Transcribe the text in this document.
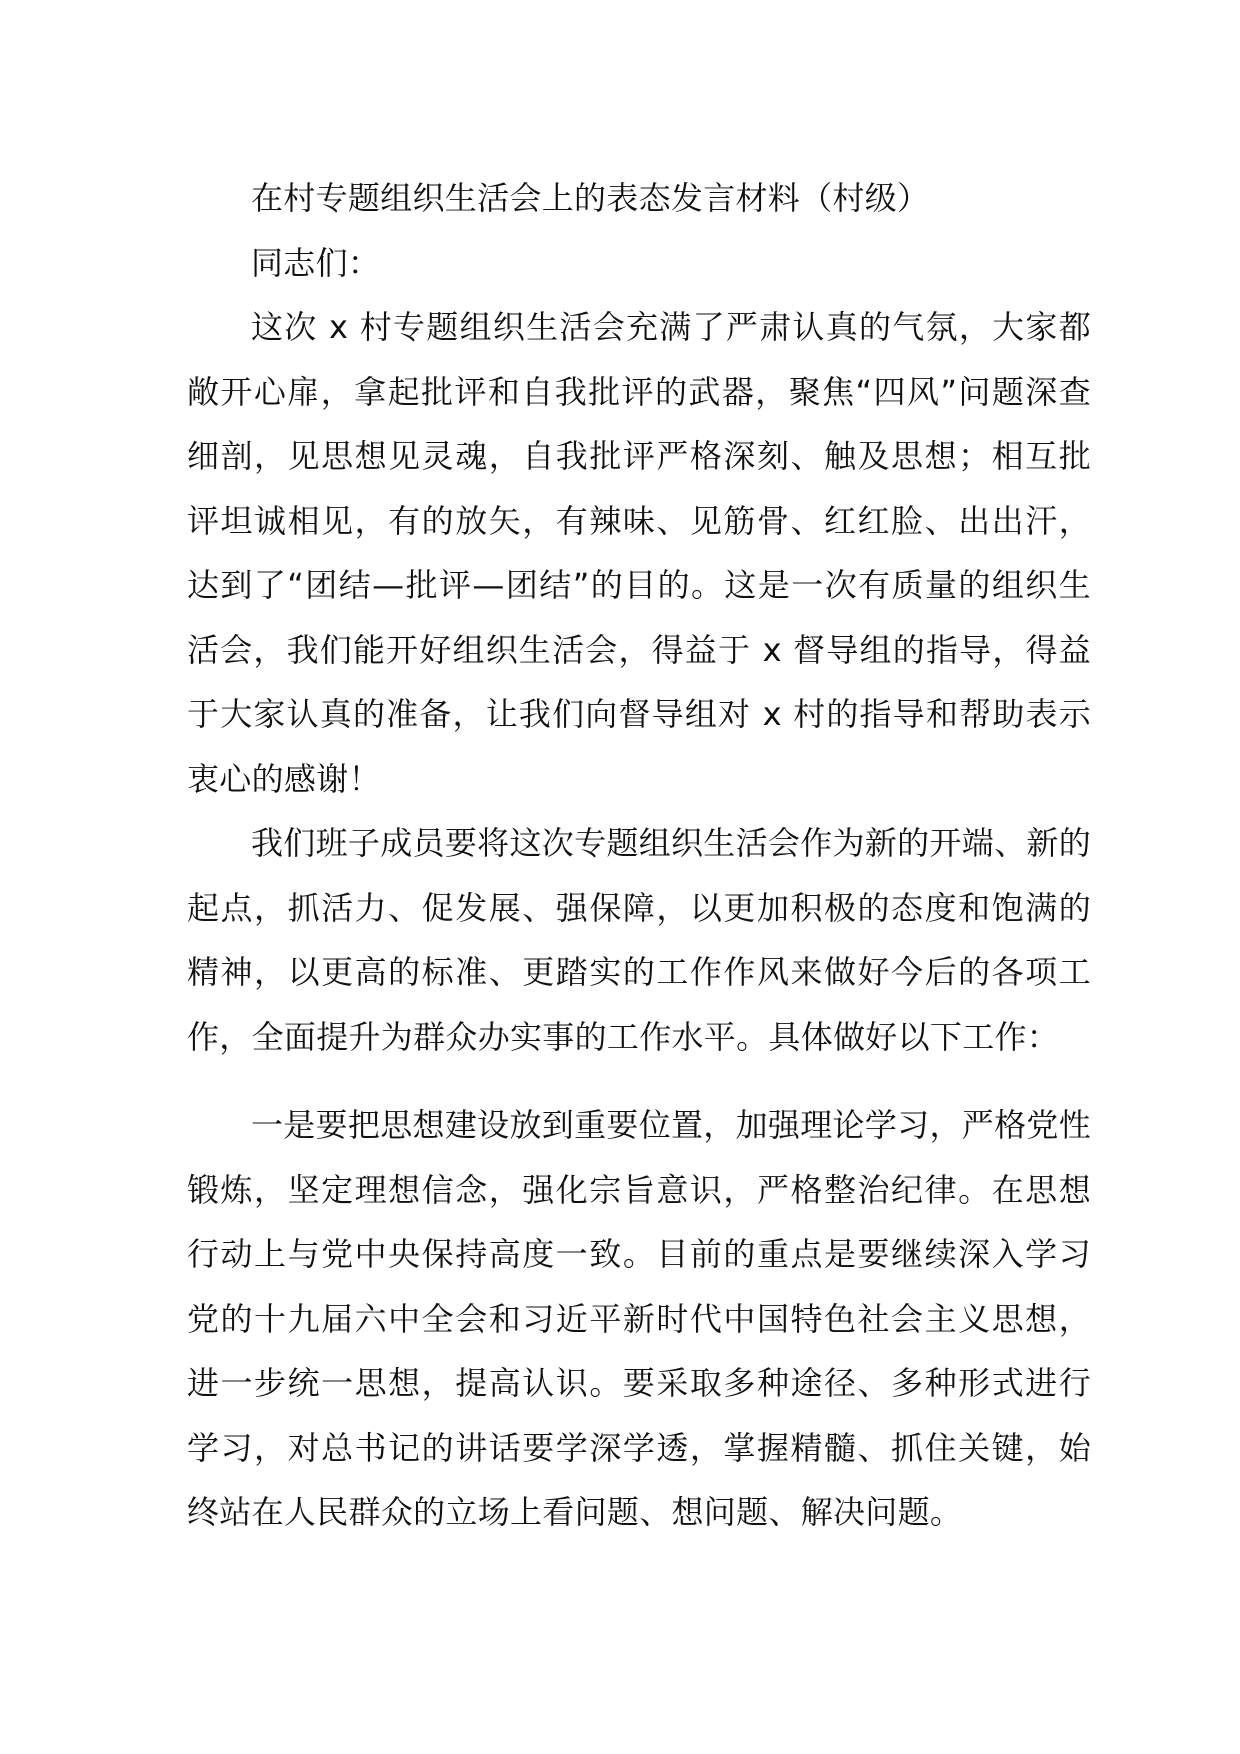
在村专题组织生活会上的表态发言材料（村级）

同志们：

这次 x 村专题组织生活会充满了严肃认真的气氛，大家都敞开心扉，拿起批评和自我批评的武器，聚焦“四风”问题深查细剖，见思想见灵魂，自我批评严格深刻、触及思想；相互批评坦诚相见，有的放矢，有辣味、见筋骨、红红脸、出出汗，达到了“团结—批评—团结”的目的。这是一次有质量的组织生活会，我们能开好组织生活会，得益于 x 督导组的指导，得益于大家认真的准备，让我们向督导组对 x 村的指导和帮助表示衷心的感谢！

我们班子成员要将这次专题组织生活会作为新的开端、新的起点，抓活力、促发展、强保障，以更加积极的态度和饱满的精神，以更高的标准、更踏实的工作作风来做好今后的各项工作，全面提升为群众办实事的工作水平。具体做好以下工作：

一是要把思想建设放到重要位置，加强理论学习，严格党性锻炼，坚定理想信念，强化宗旨意识，严格整治纪律。在思想行动上与党中央保持高度一致。目前的重点是要继续深入学习党的十九届六中全会和习近平新时代中国特色社会主义思想，进一步统一思想，提高认识。要采取多种途径、多种形式进行学习，对总书记的讲话要学深学透，掌握精髓、抓住关键，始终站在人民群众的立场上看问题、想问题、解决问题。
